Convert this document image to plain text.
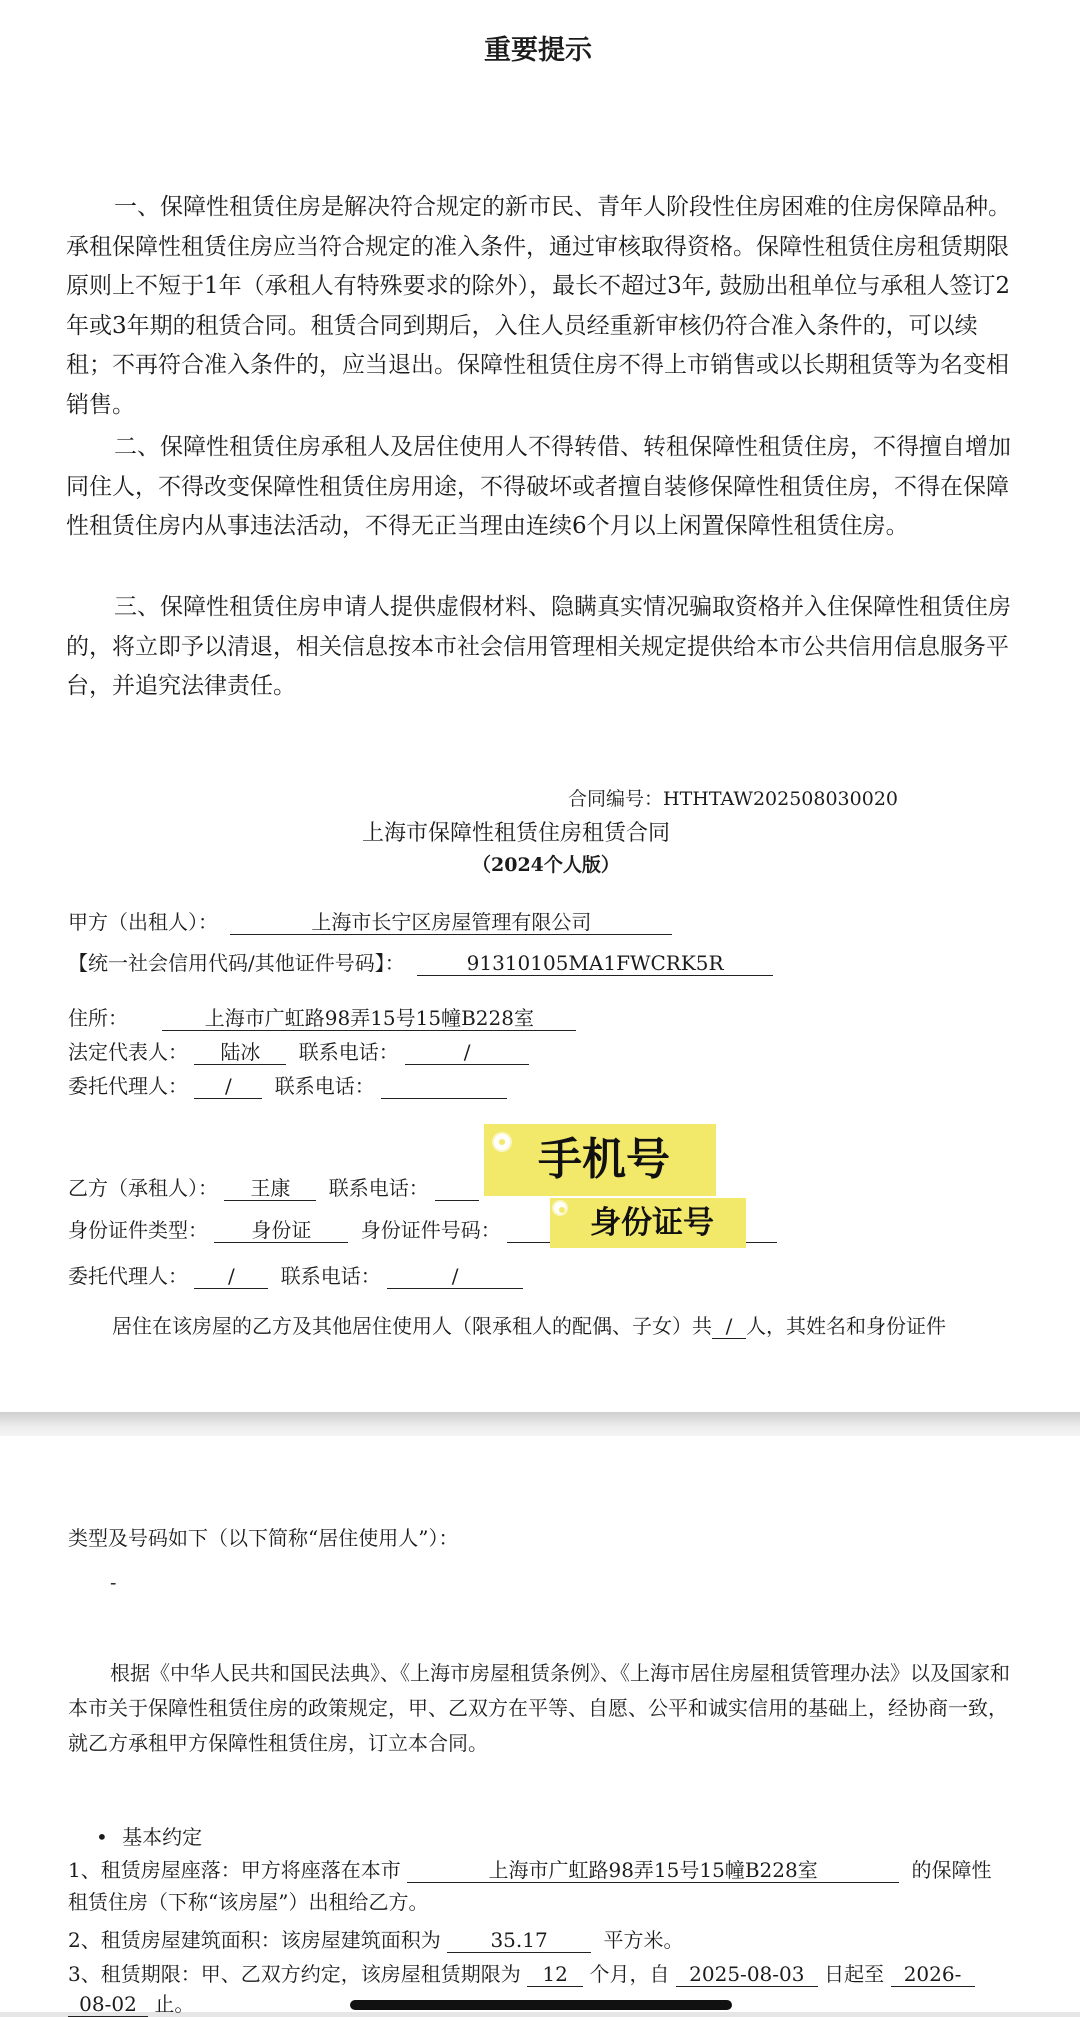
重要提示
一、保障性租赁住房是解决符合规定的新市民、青年人阶段性住房困难的住房保障品种。承租保障性租赁住房应当符合规定的准入条件，通过审核取得资格。保障性租赁住房租赁期限原则上不短于1年（承租人有特殊要求的除外），最长不超过3年, 鼓励出租单位与承租人签订2年或3年期的租赁合同。租赁合同到期后，入住人员经重新审核仍符合准入条件的，可以续租；不再符合准入条件的，应当退出。保障性租赁住房不得上市销售或以长期租赁等为名变相销售。
二、保障性租赁住房承租人及居住使用人不得转借、转租保障性租赁住房，不得擅自增加同住人，不得改变保障性租赁住房用途，不得破坏或者擅自装修保障性租赁住房，不得在保障性租赁住房内从事违法活动，不得无正当理由连续6个月以上闲置保障性租赁住房。
三、保障性租赁住房申请人提供虚假材料、隐瞒真实情况骗取资格并入住保障性租赁住房的，将立即予以清退，相关信息按本市社会信用管理相关规定提供给本市公共信用信息服务平台，并追究法律责任。
合同编号：HTHTAW202508030020
上海市保障性租赁住房租赁合同
（2024个人版）
甲方（出租人）：	上海市长宁区房屋管理有限公司
【统一社会信用代码/其他证件号码】：	91310105MA1FWCRK5R
住所：	上海市广虹路98弄15号15幢B228室
法定代表人： 陆冰 联系电话：	/
委托代理人： / 联系电话：
乙方（承租人）： 王康 联系电话：
身份证件类型： 身份证 身份证件号码：
委托代理人： / 联系电话：	/
居住在该房屋的乙方及其他居住使用人（限承租人的配偶、子女）共 / 人，其姓名和身份证件
手机号
身份证号
类型及号码如下（以下简称“居住使用人”）：
-
根据《中华人民共和国民法典》、《上海市房屋租赁条例》、《上海市居住房屋租赁管理办法》以及国家和本市关于保障性租赁住房的政策规定，甲、乙双方在平等、自愿、公平和诚实信用的基础上，经协商一致，就乙方承租甲方保障性租赁住房，订立本合同。
• 基本约定
1、租赁房屋座落：甲方将座落在本市	上海市广虹路98弄15号15幢B228室	的保障性
租赁住房（下称“该房屋”）出租给乙方。
2、租赁房屋建筑面积：该房屋建筑面积为 35.17	平方米。
3、租赁期限：甲、乙双方约定，该房屋租赁期限为 12 个月，自 2025-08-03 日起至 2026-
08-02 止。
